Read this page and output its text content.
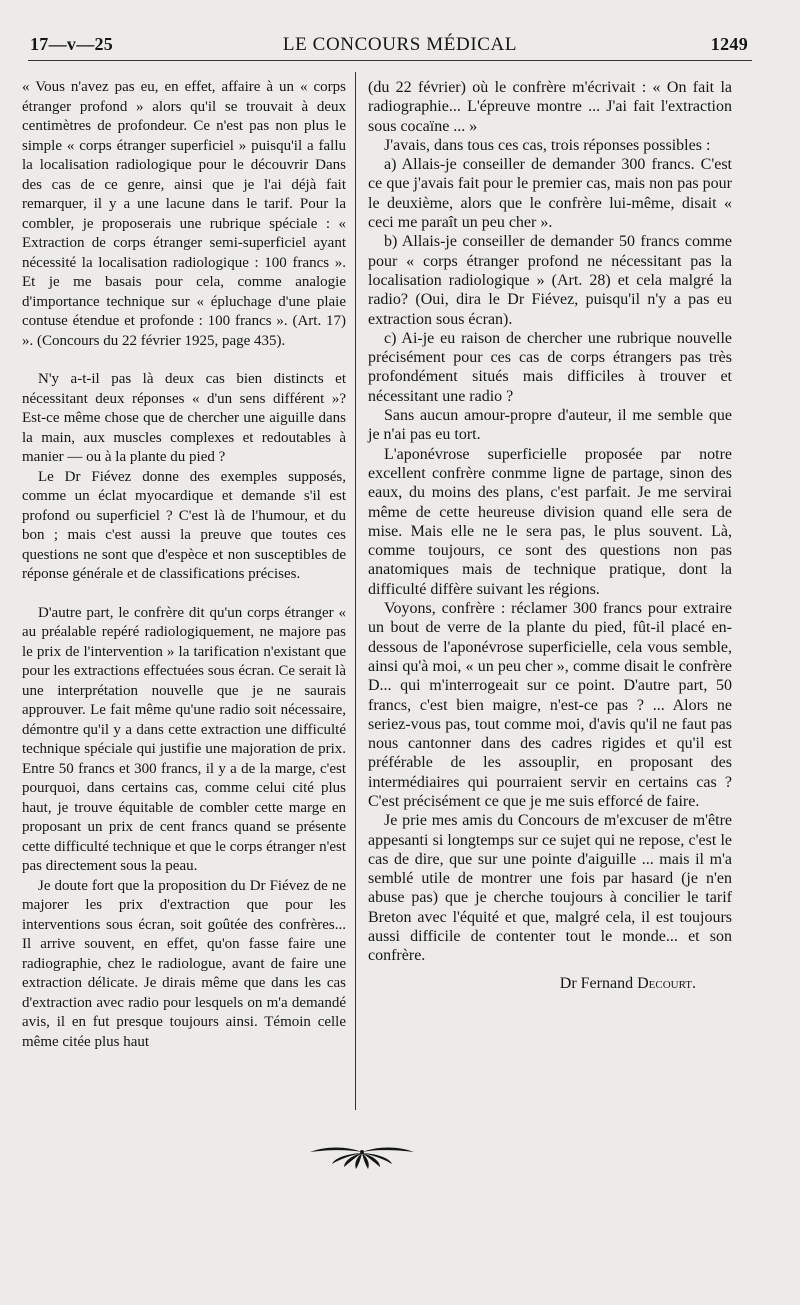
17—v—25	LE CONCOURS MÉDICAL	1249

« Vous n'avez pas eu, en effet, affaire à un « corps étranger profond » alors qu'il se trouvait à deux centimètres de profondeur. Ce n'est pas non plus le simple « corps étranger superficiel » puisqu'il a fallu la localisation radiologique pour le découvrir Dans des cas de ce genre, ainsi que je l'ai déjà fait remarquer, il y a une lacune dans le tarif. Pour la combler, je proposerais une rubrique spéciale : « Extraction de corps étranger semi-superficiel ayant nécessité la localisation radiologique : 100 francs ». Et je me basais pour cela, comme analogie d'importance technique sur « épluchage d'une plaie contuse étendue et profonde : 100 francs ». (Art. 17) ». (Concours du 22 février 1925, page 435).

N'y a-t-il pas là deux cas bien distincts et nécessitant deux réponses « d'un sens différent »? Est-ce même chose que de chercher une aiguille dans la main, aux muscles complexes et redoutables à manier — ou à la plante du pied ?

Le Dr Fiévez donne des exemples supposés, comme un éclat myocardique et demande s'il est profond ou superficiel ? C'est là de l'humour, et du bon ; mais c'est aussi la preuve que toutes ces questions ne sont que d'espèce et non susceptibles de réponse générale et de classifications précises.

D'autre part, le confrère dit qu'un corps étranger « au préalable repéré radiologiquement, ne majore pas le prix de l'intervention » la tarification n'existant que pour les extractions effectuées sous écran. Ce serait là une interprétation nouvelle que je ne saurais approuver. Le fait même qu'une radio soit nécessaire, démontre qu'il y a dans cette extraction une difficulté technique spéciale qui justifie une majoration de prix. Entre 50 francs et 300 francs, il y a de la marge, c'est pourquoi, dans certains cas, comme celui cité plus haut, je trouve équitable de combler cette marge en proposant un prix de cent francs quand se présente cette difficulté technique et que le corps étranger n'est pas directement sous la peau.

Je doute fort que la proposition du Dr Fiévez de ne majorer les prix d'extraction que pour les interventions sous écran, soit goûtée des confrères... Il arrive souvent, en effet, qu'on fasse faire une radiographie, chez le radiologue, avant de faire une extraction délicate. Je dirais même que dans les cas d'extraction avec radio pour lesquels on m'a demandé avis, il en fut presque toujours ainsi. Témoin celle même citée plus haut

(du 22 février) où le confrère m'écrivait : « On fait la radiographie... L'épreuve montre ... J'ai fait l'extraction sous cocaïne ... »

J'avais, dans tous ces cas, trois réponses possibles :

a) Allais-je conseiller de demander 300 francs. C'est ce que j'avais fait pour le premier cas, mais non pas pour le deuxième, alors que le confrère lui-même, disait « ceci me paraît un peu cher ».

b) Allais-je conseiller de demander 50 francs comme pour « corps étranger profond ne nécessitant pas la localisation radiologique » (Art. 28) et cela malgré la radio? (Oui, dira le Dr Fiévez, puisqu'il n'y a pas eu extraction sous écran).

c) Ai-je eu raison de chercher une rubrique nouvelle précisément pour ces cas de corps étrangers pas très profondément situés mais difficiles à trouver et nécessitant une radio ?

Sans aucun amour-propre d'auteur, il me semble que je n'ai pas eu tort.

L'aponévrose superficielle proposée par notre excellent confrère conmme ligne de partage, sinon des eaux, du moins des plans, c'est parfait. Je me servirai même de cette heureuse division quand elle sera de mise. Mais elle ne le sera pas, le plus souvent. Là, comme toujours, ce sont des questions non pas anatomiques mais de technique pratique, dont la difficulté diffère suivant les régions.

Voyons, confrère : réclamer 300 francs pour extraire un bout de verre de la plante du pied, fût-il placé en-dessous de l'aponévrose superficielle, cela vous semble, ainsi qu'à moi, « un peu cher », comme disait le confrère D... qui m'interrogeait sur ce point. D'autre part, 50 francs, c'est bien maigre, n'est-ce pas ? ... Alors ne seriez-vous pas, tout comme moi, d'avis qu'il ne faut pas nous cantonner dans des cadres rigides et qu'il est préférable de les assouplir, en proposant des intermédiaires qui pourraient servir en certains cas ? C'est précisément ce que je me suis efforcé de faire.

Je prie mes amis du Concours de m'excuser de m'être appesanti si longtemps sur ce sujet qui ne repose, c'est le cas de dire, que sur une pointe d'aiguille ... mais il m'a semblé utile de montrer une fois par hasard (je n'en abuse pas) que je cherche toujours à concilier le tarif Breton avec l'équité et que, malgré cela, il est toujours aussi difficile de contenter tout le monde... et son confrère.

Dr Fernand Decourt.
